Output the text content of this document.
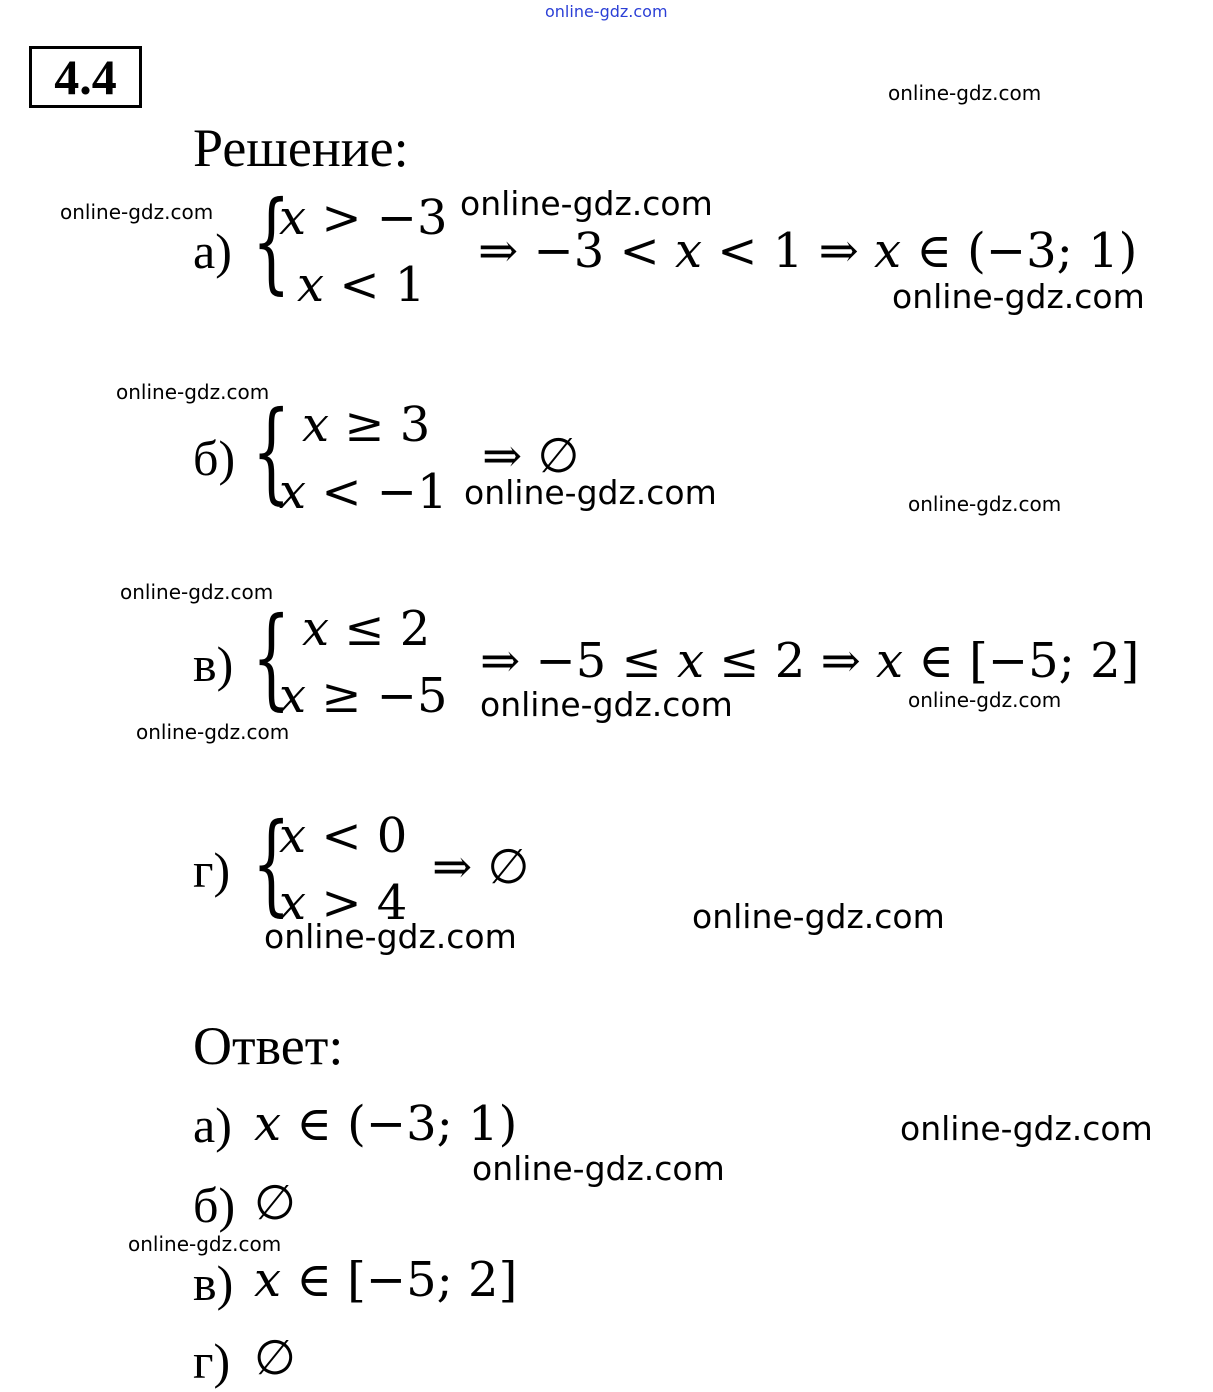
online-gdz.com
4.4
Решение:
а) {
𝑥 > −3
𝑥 < 1
⇒ −3 < 𝑥 < 1 ⇒ 𝑥 ∈ (−3; 1)
б) { 𝑥 ≥ 3
𝑥 < −1
⇒ ∅
в) { 𝑥 ≤ 2
𝑥 ≥ −5
⇒ −5 ≤ 𝑥 ≤ 2 ⇒ 𝑥 ∈ [−5; 2]
г) {
𝑥 < 0
𝑥 > 4
⇒ ∅
Ответ:
а) 𝑥 ∈ (−3; 1)
б) ∅
в) 𝑥 ∈ [−5; 2]
г) ∅
online-gdz.com
online-gdz.com	online-gdz.com
online-gdz.com
online-gdz.com
online-gdz.com	online-gdz.com
online-gdz.com
online-gdz.com	online-gdz.com
online-gdz.com
online-gdz.com
online-gdz.com
online-gdz.com
online-gdz.com
online-gdz.com
